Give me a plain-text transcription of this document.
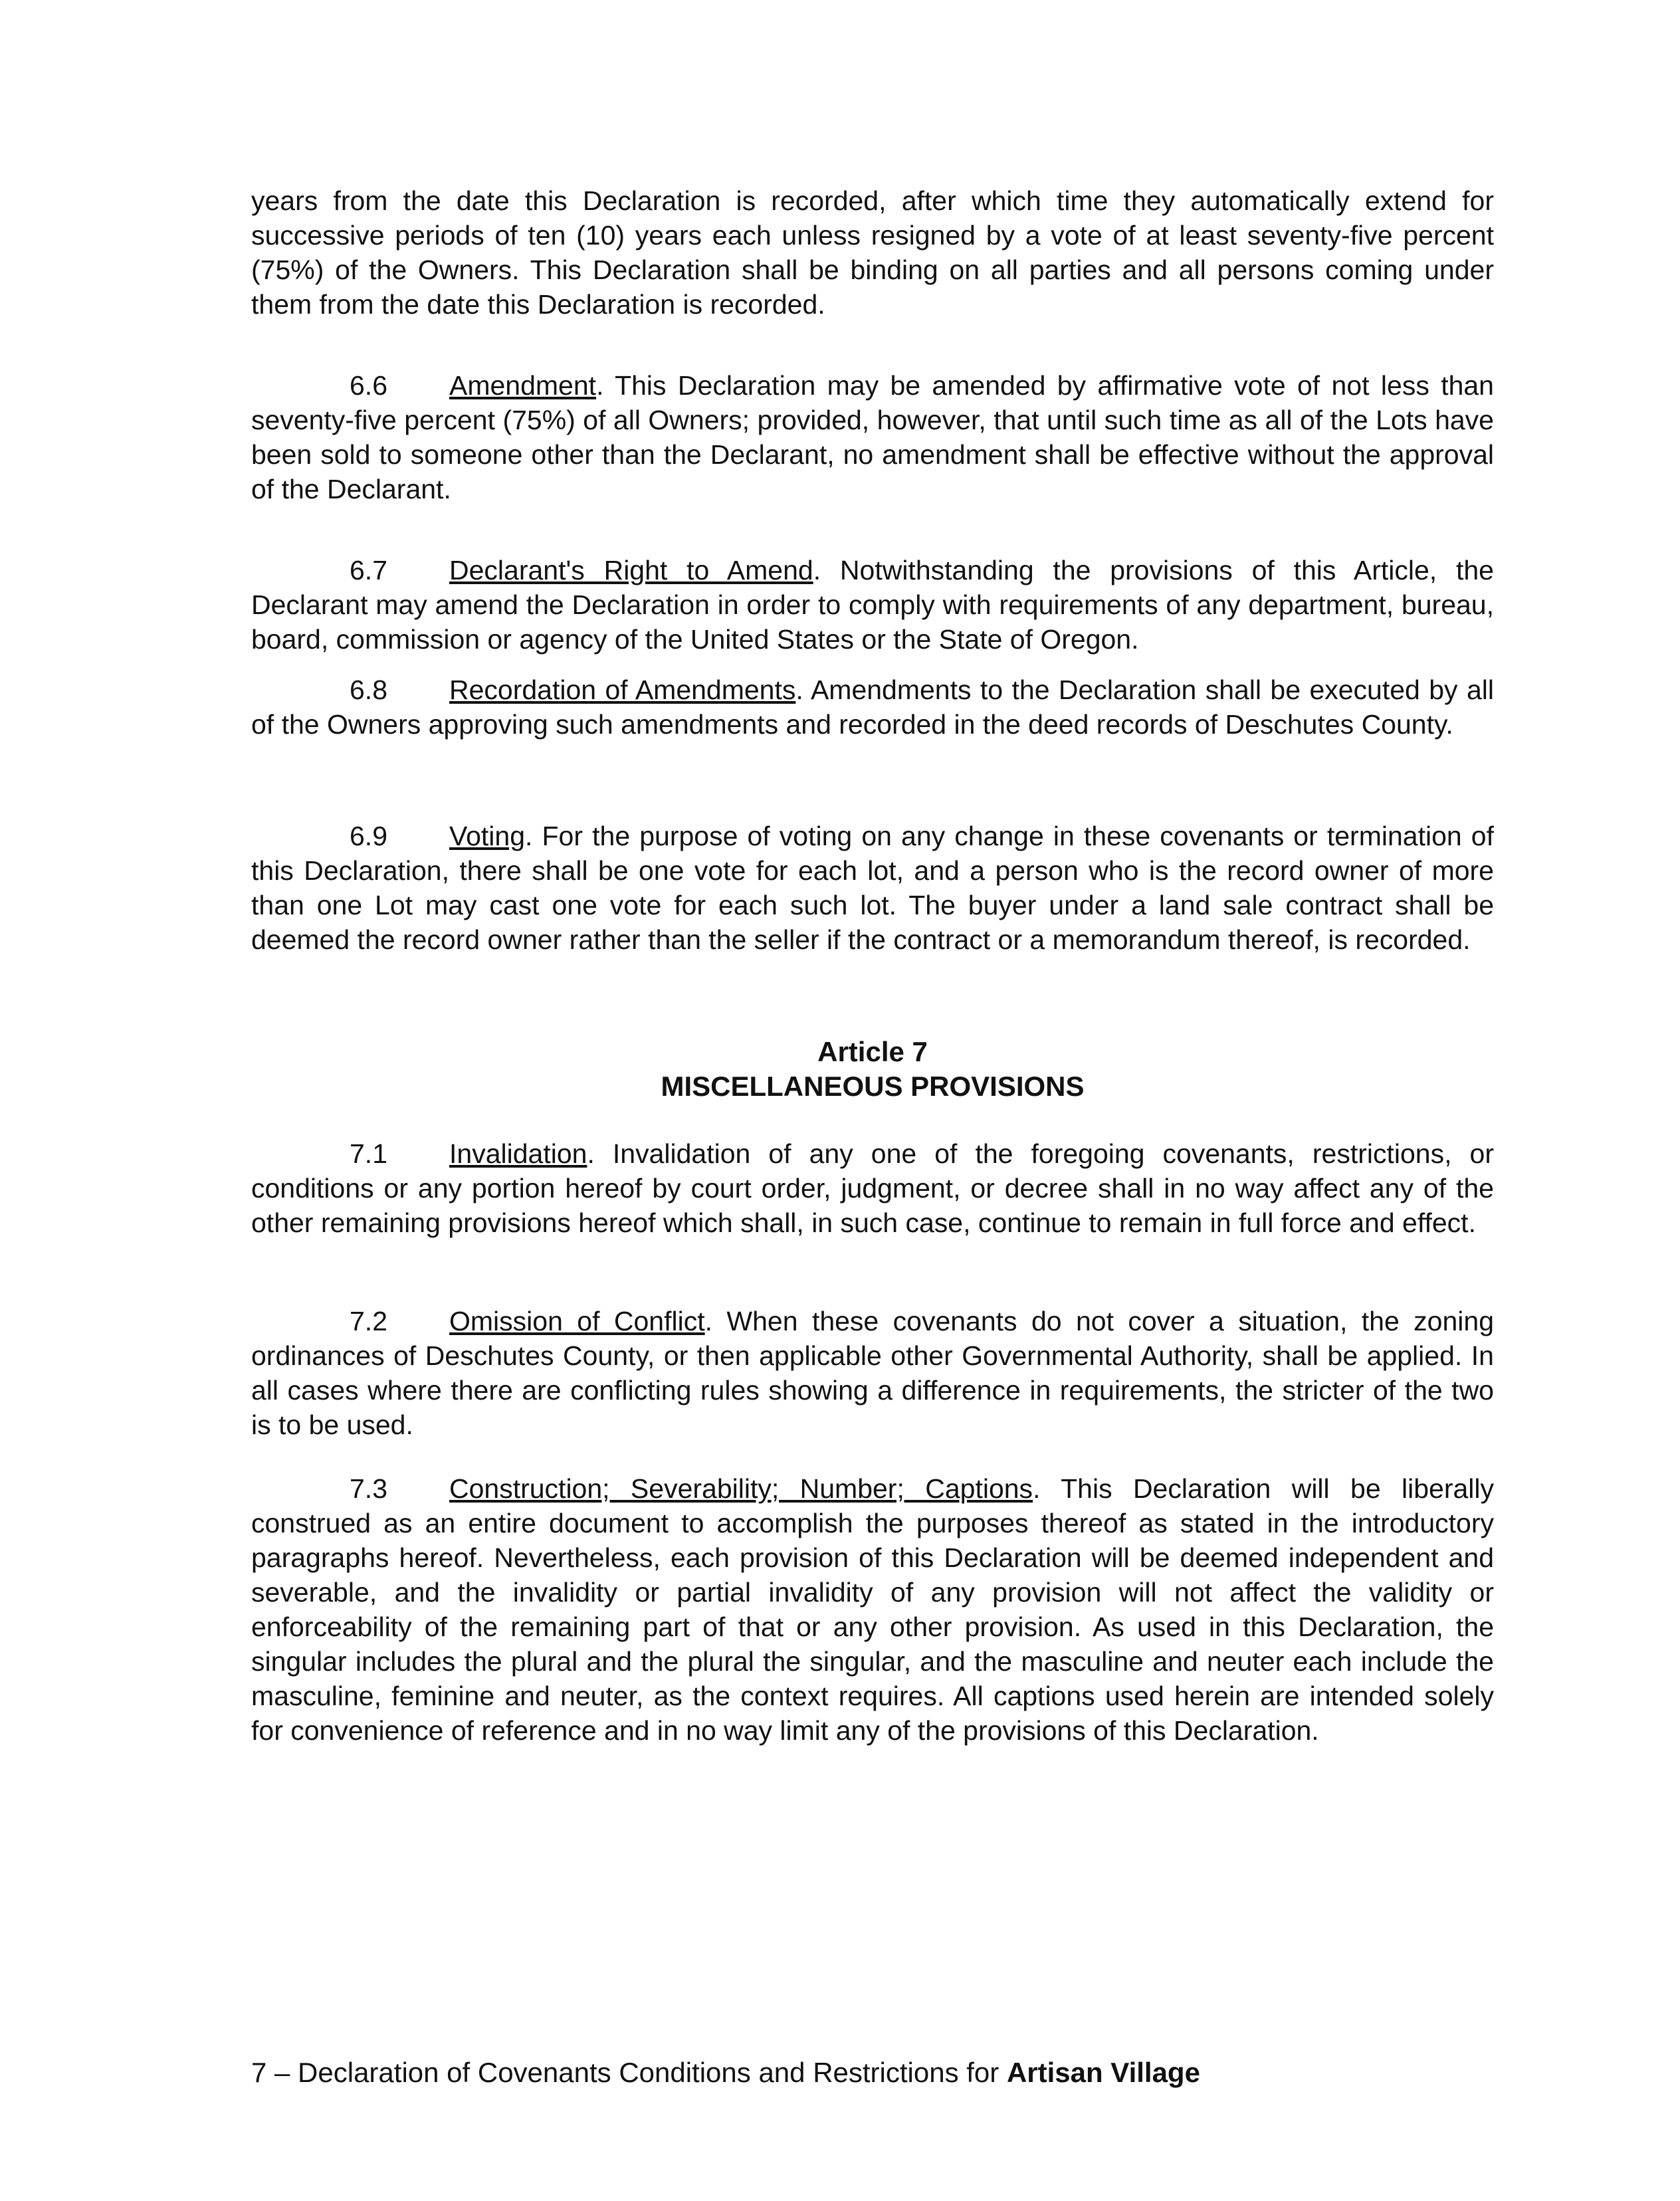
years from the date this Declaration is recorded, after which time they automatically extend for successive periods of ten (10) years each unless resigned by a vote of at least seventy-five percent (75%) of the Owners. This Declaration shall be binding on all parties and all persons coming under them from the date this Declaration is recorded.

6.6 Amendment. This Declaration may be amended by affirmative vote of not less than seventy-five percent (75%) of all Owners; provided, however, that until such time as all of the Lots have been sold to someone other than the Declarant, no amendment shall be effective without the approval of the Declarant.

6.7 Declarant's Right to Amend. Notwithstanding the provisions of this Article, the Declarant may amend the Declaration in order to comply with requirements of any department, bureau, board, commission or agency of the United States or the State of Oregon.

6.8 Recordation of Amendments. Amendments to the Declaration shall be executed by all of the Owners approving such amendments and recorded in the deed records of Deschutes County.

6.9 Voting. For the purpose of voting on any change in these covenants or termination of this Declaration, there shall be one vote for each lot, and a person who is the record owner of more than one Lot may cast one vote for each such lot. The buyer under a land sale contract shall be deemed the record owner rather than the seller if the contract or a memorandum thereof, is recorded.

Article 7
MISCELLANEOUS PROVISIONS

7.1 Invalidation. Invalidation of any one of the foregoing covenants, restrictions, or conditions or any portion hereof by court order, judgment, or decree shall in no way affect any of the other remaining provisions hereof which shall, in such case, continue to remain in full force and effect.

7.2 Omission of Conflict. When these covenants do not cover a situation, the zoning ordinances of Deschutes County, or then applicable other Governmental Authority, shall be applied. In all cases where there are conflicting rules showing a difference in requirements, the stricter of the two is to be used.

7.3 Construction; Severability; Number; Captions. This Declaration will be liberally construed as an entire document to accomplish the purposes thereof as stated in the introductory paragraphs hereof. Nevertheless, each provision of this Declaration will be deemed independent and severable, and the invalidity or partial invalidity of any provision will not affect the validity or enforceability of the remaining part of that or any other provision. As used in this Declaration, the singular includes the plural and the plural the singular, and the masculine and neuter each include the masculine, feminine and neuter, as the context requires. All captions used herein are intended solely for convenience of reference and in no way limit any of the provisions of this Declaration.

7 – Declaration of Covenants Conditions and Restrictions for Artisan Village
